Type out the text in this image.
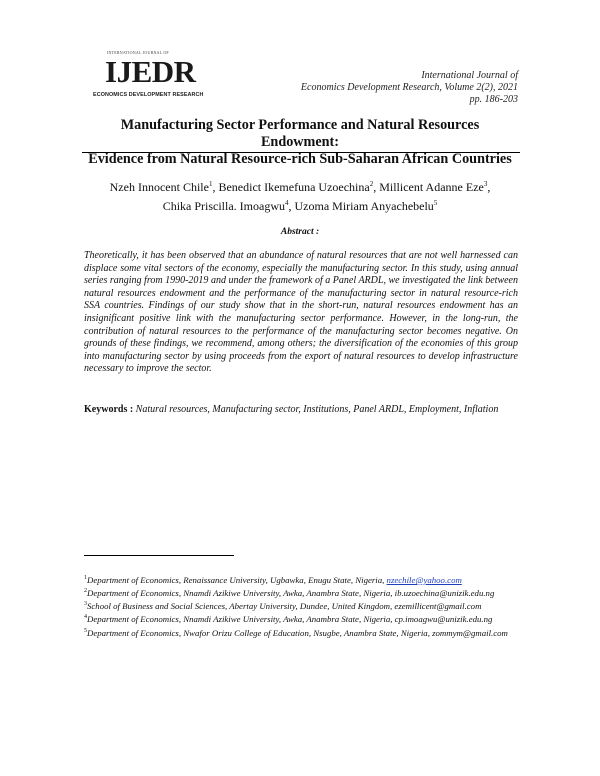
INTERNATIONAL JOURNAL OF
IJEDR
ECONOMICS DEVELOPMENT RESEARCH
International Journal of
Economics Development Research, Volume 2(2), 2021
pp. 186-203
Manufacturing Sector Performance and Natural Resources Endowment:
Evidence from Natural Resource-rich Sub-Saharan African Countries
Nzeh Innocent Chile$^1$, Benedict Ikemefuna Uzoechina$^2$, Millicent Adanne Eze$^3$, Chika Priscilla. Imoagwu$^4$, Uzoma Miriam Anyachebelu$^5$
Abstract :
Theoretically, it has been observed that an abundance of natural resources that are not well harnessed can displace some vital sectors of the economy, especially the manufacturing sector. In this study, using annual series ranging from 1990-2019 and under the framework of a Panel ARDL, we investigated the link between natural resources endowment and the performance of the manufacturing sector in natural resource-rich SSA countries. Findings of our study show that in the short-run, natural resources endowment has an insignificant positive link with the manufacturing sector performance. However, in the long-run, the contribution of natural resources to the performance of the manufacturing sector becomes negative. On grounds of these findings, we recommend, among others; the diversification of the economies of this group into manufacturing sector by using proceeds from the export of natural resources to develop infrastructure necessary to improve the sector.
Keywords : Natural resources, Manufacturing sector, Institutions, Panel ARDL, Employment, Inflation

$^1$Department of Economics, Renaissance University, Ugbawka, Enugu State, Nigeria, nzechile@yahoo.com

$^2$Department of Economics, Nnamdi Azikiwe University, Awka, Anambra State, Nigeria, ib.uzoechina@unizik.edu.ng

$^3$School of Business and Social Sciences, Abertay University, Dundee, United Kingdom, ezemillicent@gmail.com

$^4$Department of Economics, Nnamdi Azikiwe University, Awka, Anambra State, Nigeria, cp.imoagwu@unizik.edu.ng

$^5$Department of Economics, Nwafor Orizu College of Education, Nsugbe, Anambra State, Nigeria, zommym@gmail.com
